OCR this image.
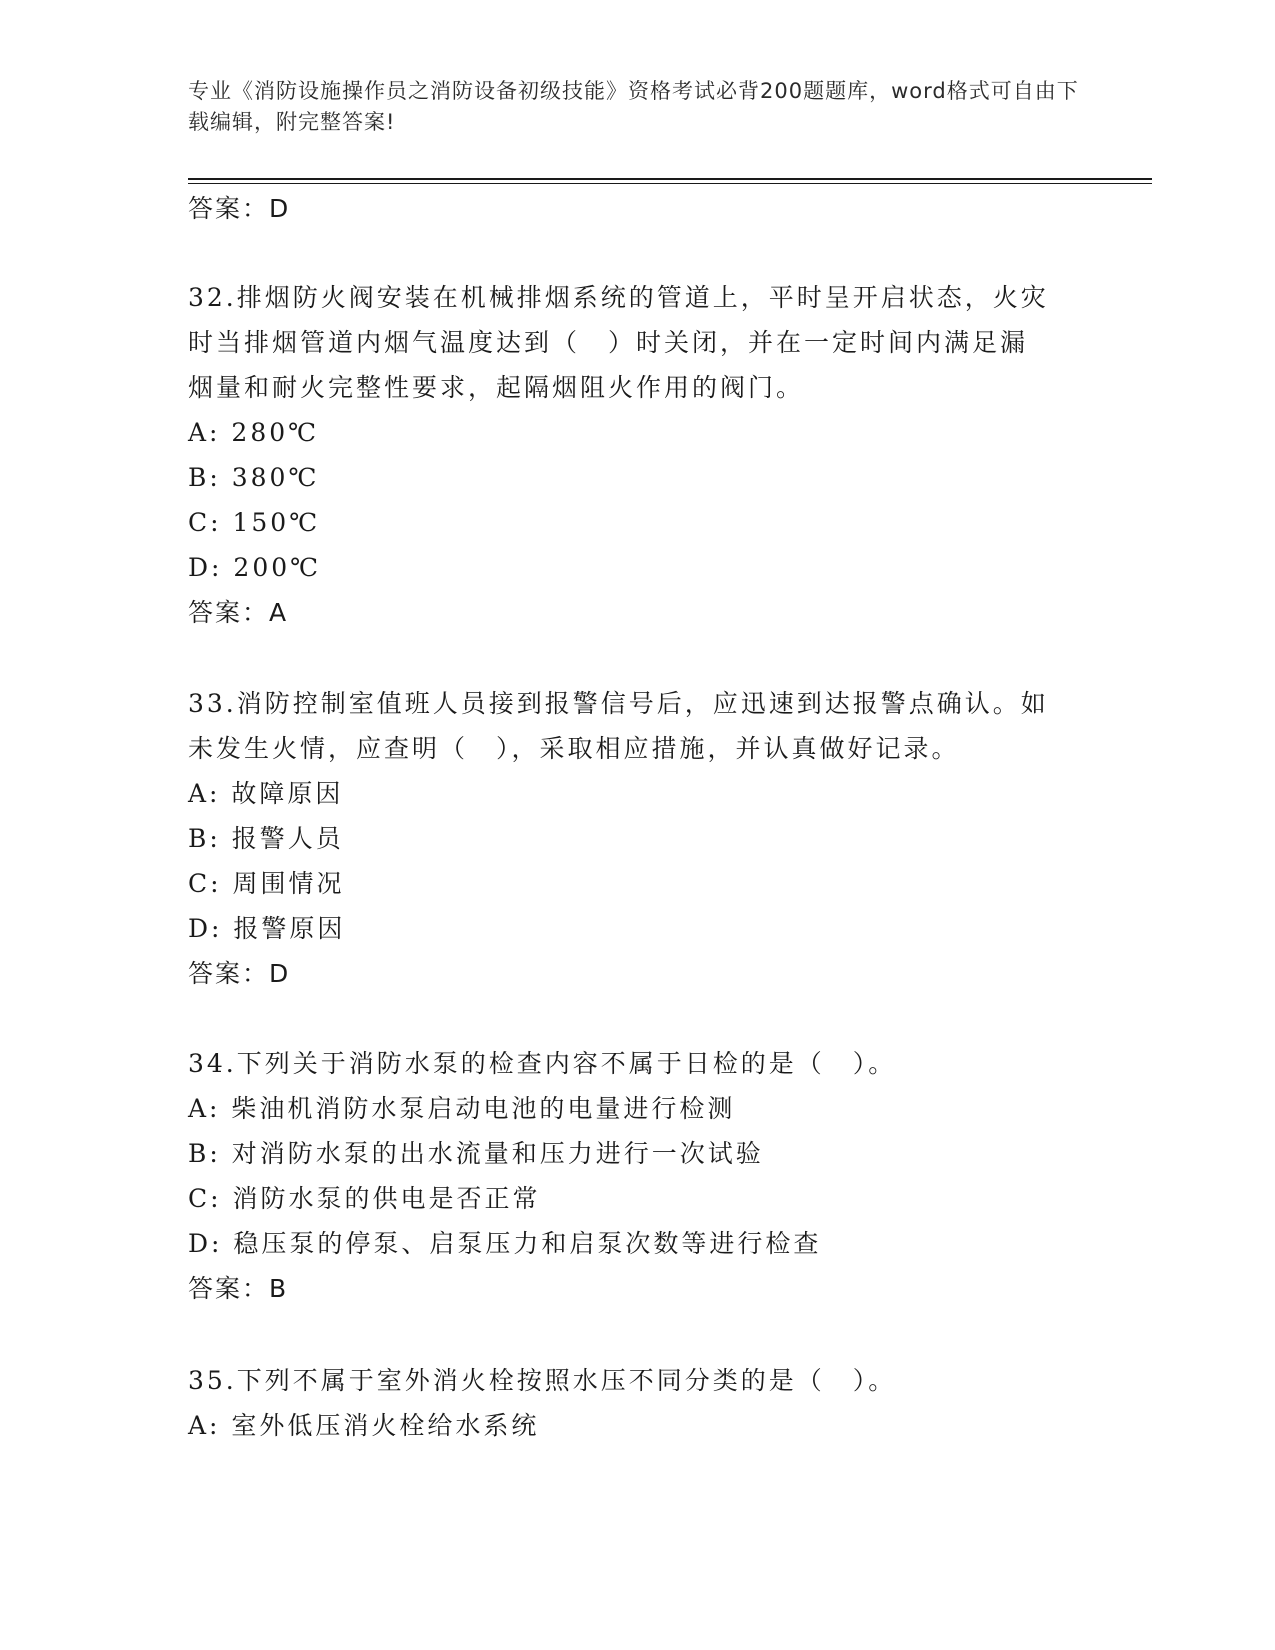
专业《消防设施操作员之消防设备初级技能》资格考试必背200题题库，word格式可自由下载编辑，附完整答案!
答案：D
32.排烟防火阀安装在机械排烟系统的管道上，平时呈开启状态，火灾
时当排烟管道内烟气温度达到（　）时关闭，并在一定时间内满足漏
烟量和耐火完整性要求，起隔烟阻火作用的阀门。
A: 280℃
B: 380℃
C: 150℃
D: 200℃
答案：A
33.消防控制室值班人员接到报警信号后，应迅速到达报警点确认。如
未发生火情，应查明（　），采取相应措施，并认真做好记录。
A: 故障原因
B: 报警人员
C: 周围情况
D: 报警原因
答案：D
34.下列关于消防水泵的检查内容不属于日检的是（　）。
A: 柴油机消防水泵启动电池的电量进行检测
B: 对消防水泵的出水流量和压力进行一次试验
C: 消防水泵的供电是否正常
D: 稳压泵的停泵、启泵压力和启泵次数等进行检查
答案：B
35.下列不属于室外消火栓按照水压不同分类的是（　）。
A: 室外低压消火栓给水系统
